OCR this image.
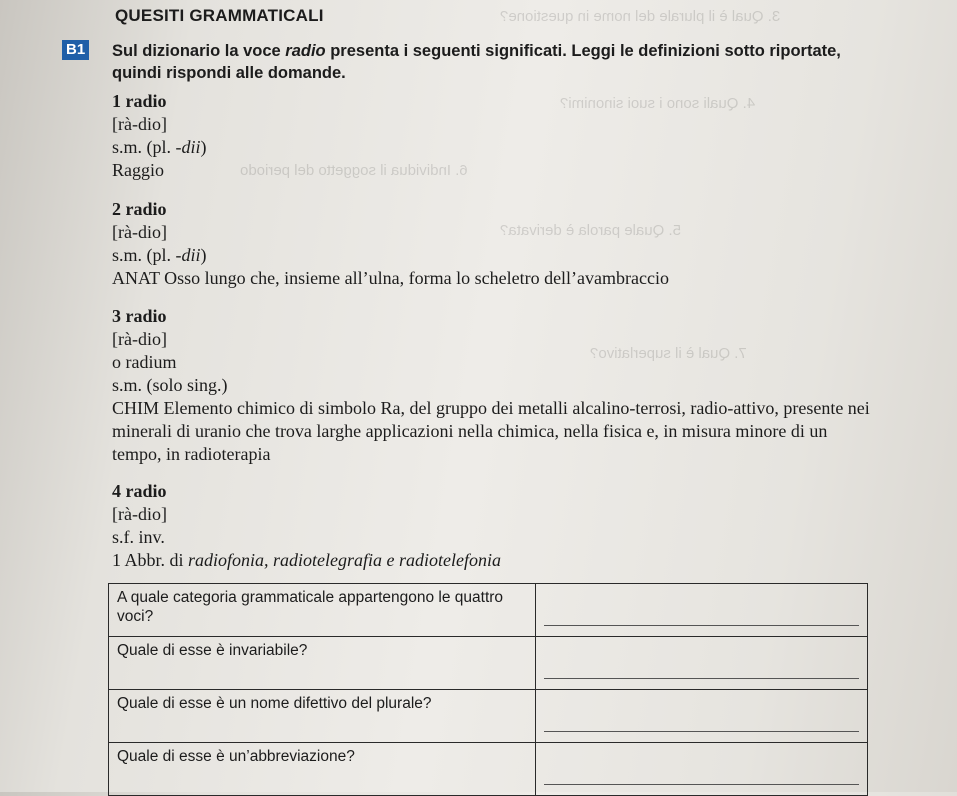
3. Qual è il plurale del nome in questione?
4. Quali sono i suoi sinonimi?
5. Quale parola è derivata?
6. Individua il soggetto del periodo
7. Qual è il superlativo?
QUESITI GRAMMATICALI
B1 Sul dizionario la voce radio presenta i seguenti significati. Leggi le definizioni sotto riportate, quindi rispondi alle domande.
1 radio
[rà-dio]
s.m. (pl. -dii)
Raggio
2 radio
[rà-dio]
s.m. (pl. -dii)
ANAT Osso lungo che, insieme all’ulna, forma lo scheletro dell’avambraccio
3 radio
[rà-dio]
o radium
s.m. (solo sing.)
CHIM Elemento chimico di simbolo Ra, del gruppo dei metalli alcalino-terrosi, radio-attivo, presente nei minerali di uranio che trova larghe applicazioni nella chimica, nella fisica e, in misura minore di un tempo, in radioterapia
4 radio
[rà-dio]
s.f. inv.
1 Abbr. di radiofonia, radiotelegrafia e radiotelefonia
A quale categoria grammaticale appartengono le quattro voci?	

Quale di esse è invariabile?	

Quale di esse è un nome difettivo del plurale?	

Quale di esse è un’abbreviazione?	
